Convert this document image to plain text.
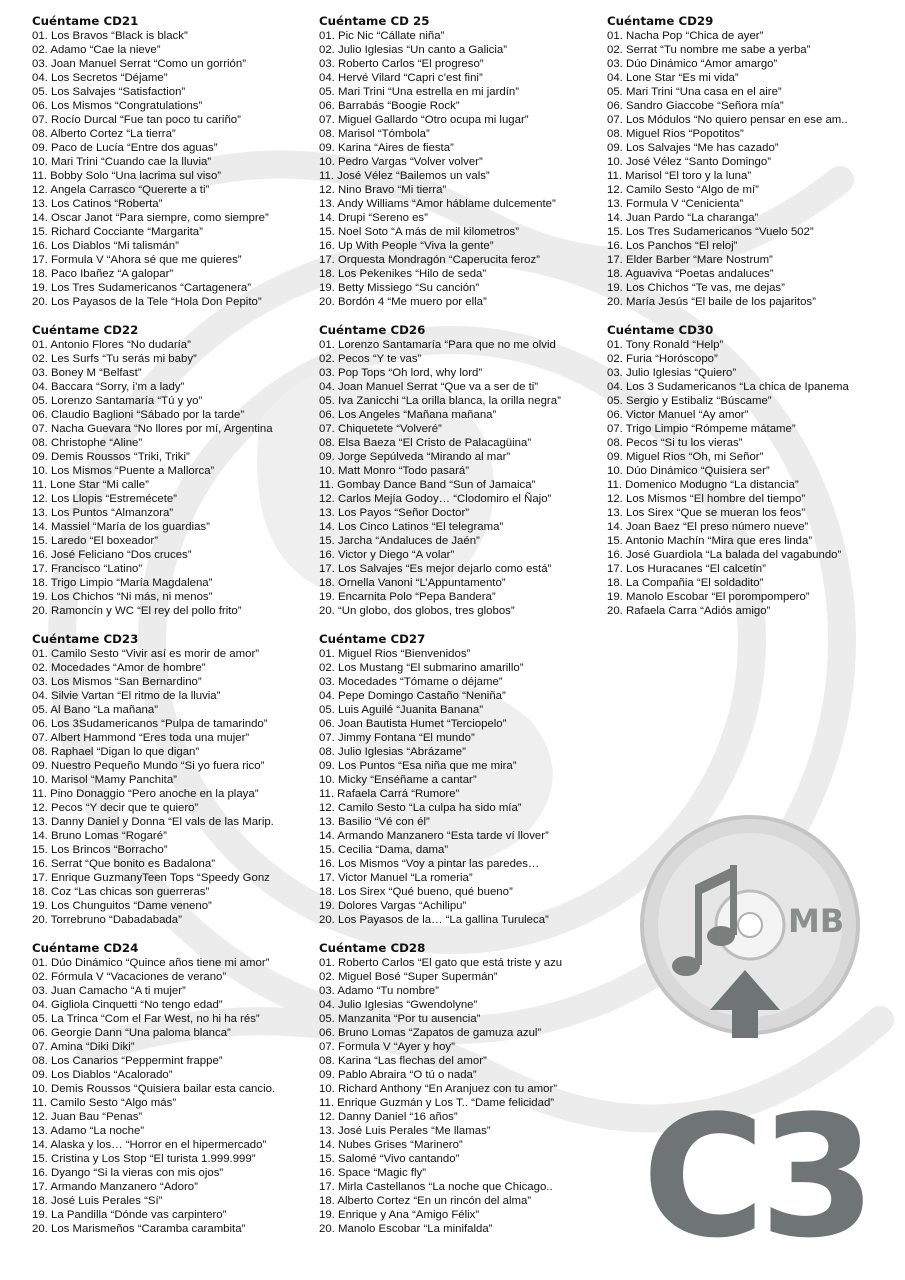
Cuéntame CD21
01. Los Bravos “Black is black”
02. Adamo “Cae la nieve”
03. Joan Manuel Serrat “Como un gorrión”
04. Los Secretos “Déjame”
05. Los Salvajes “Satisfaction”
06. Los Mismos “Congratulations”
07. Rocío Durcal “Fue tan poco tu cariño”
08. Alberto Cortez “La tierra”
09. Paco de Lucía “Entre dos aguas”
10. Mari Trini “Cuando cae la lluvia”
11. Bobby Solo “Una lacrima sul viso”
12. Angela Carrasco “Quererte a ti”
13. Los Catinos “Roberta”
14. Oscar Janot “Para siempre, como siempre”
15. Richard Cocciante “Margarita”
16. Los Diablos “Mi talismán”
17. Formula V “Ahora sé que me quieres”
18. Paco Ibañez “A galopar”
19. Los Tres Sudamericanos “Cartagenera”
20. Los Payasos de la Tele “Hola Don Pepito”
Cuéntame CD22
01. Antonio Flores “No dudaría”
02. Les Surfs “Tu serás mi baby”
03. Boney M “Belfast”
04. Baccara “Sorry, i’m a lady”
05. Lorenzo Santamaría “Tú y yo”
06. Claudio Baglioni “Sábado por la tarde”
07. Nacha Guevara “No llores por mí, Argentina
08. Christophe “Aline”
09. Demis Roussos “Triki, Triki”
10. Los Mismos “Puente a Mallorca”
11. Lone Star “Mi calle”
12. Los Llopis “Estremécete”
13. Los Puntos “Almanzora”
14. Massiel “María de los guardias”
15. Laredo “El boxeador”
16. José Feliciano “Dos cruces”
17. Francisco “Latino”
18. Trigo Limpio “María Magdalena”
19. Los Chichos “Ni más, ni menos”
20. Ramoncín y WC “El rey del pollo frito”
Cuéntame CD23
01. Camilo Sesto “Vivir así es morir de amor”
02. Mocedades “Amor de hombre”
03. Los Mismos “San Bernardino”
04. Silvie Vartan “El ritmo de la lluvia”
05. Al Bano “La mañana”
06. Los 3Sudamericanos “Pulpa de tamarindo”
07. Albert Hammond “Eres toda una mujer”
08. Raphael “Digan lo que digan”
09. Nuestro Pequeño Mundo “Si yo fuera rico”
10. Marisol “Mamy Panchita”
11. Pino Donaggio “Pero anoche en la playa”
12. Pecos “Y decir que te quiero”
13. Danny Daniel y Donna “El vals de las Marip.
14. Bruno Lomas “Rogaré”
15. Los Brincos “Borracho”
16. Serrat “Que bonito es Badalona”
17. Enrique GuzmanyTeen Tops “Speedy Gonz
18. Coz “Las chicas son guerreras”
19. Los Chunguitos “Dame veneno”
20. Torrebruno “Dabadabada”
Cuéntame CD24
01. Dúo Dinámico “Quince años tiene mi amor”
02. Fórmula V “Vacaciones de verano”
03. Juan Camacho “A ti mujer”
04. Gigliola Cinquetti “No tengo edad”
05. La Trinca “Com el Far West, no hi ha rés”
06. Georgie Dann “Una paloma blanca”
07. Amina “Diki Diki”
08. Los Canarios “Peppermint frappe”
09. Los Diablos “Acalorado”
10. Demis Roussos “Quisiera bailar esta cancio.
11. Camilo Sesto “Algo más”
12. Juan Bau “Penas”
13. Adamo “La noche”
14. Alaska y los… “Horror en el hipermercado”
15. Cristina y Los Stop “El turista 1.999.999”
16. Dyango “Si la vieras con mis ojos”
17. Armando Manzanero “Adoro”
18. José Luis Perales “Sí”
19. La Pandilla “Dónde vas carpintero”
20. Los Marismeños “Caramba carambita”
Cuéntame CD 25
01. Pic Nic “Cállate niña”
02. Julio Iglesias “Un canto a Galicia”
03. Roberto Carlos “El progreso”
04. Hervé Vilard “Capri c’est fini”
05. Mari Trini “Una estrella en mi jardín”
06. Barrabás “Boogie Rock”
07. Miguel Gallardo “Otro ocupa mi lugar”
08. Marisol “Tómbola”
09. Karina “Aires de fiesta”
10. Pedro Vargas “Volver volver”
11. José Vélez “Bailemos un vals”
12. Nino Bravo “Mi tierra”
13. Andy Williams “Amor háblame dulcemente”
14. Drupi “Sereno es”
15. Noel Soto “A más de mil kilometros”
16. Up With People “Viva la gente”
17. Orquesta Mondragón “Caperucita feroz”
18. Los Pekenikes “Hilo de seda”
19. Betty Missiego “Su canción”
20. Bordón 4 “Me muero por ella”
Cuéntame CD26
01. Lorenzo Santamaría “Para que no me olvid
02. Pecos “Y te vas”
03. Pop Tops “Oh lord, why lord”
04. Joan Manuel Serrat “Que va a ser de ti”
05. Iva Zanicchi “La orilla blanca, la orilla negra”
06. Los Angeles “Mañana mañana”
07. Chiquetete “Volveré”
08. Elsa Baeza “El Cristo de Palacagüina”
09. Jorge Sepúlveda “Mirando al mar”
10. Matt Monro “Todo pasará”
11. Gombay Dance Band “Sun of Jamaica”
12. Carlos Mejía Godoy… “Clodomiro el Ñajo”
13. Los Payos “Señor Doctor”
14. Los Cinco Latinos “El telegrama”
15. Jarcha “Andaluces de Jaén”
16. Victor y Diego “A volar”
17. Los Salvajes “Es mejor dejarlo como está”
18. Ornella Vanoni “L’Appuntamento”
19. Encarnita Polo “Pepa Bandera”
20. “Un globo, dos globos, tres globos”
Cuéntame CD27
01. Miguel Rios “Bienvenidos”
02. Los Mustang “El submarino amarillo”
03. Mocedades “Tómame o déjame”
04. Pepe Domingo Castaño “Neniña”
05. Luis Aguilé “Juanita Banana”
06. Joan Bautista Humet “Terciopelo”
07. Jimmy Fontana “El mundo”
08. Julio Iglesias “Abrázame”
09. Los Puntos “Esa niña que me mira”
10. Micky “Enséñame a cantar”
11. Rafaela Carrá “Rumore”
12. Camilo Sesto “La culpa ha sido mía”
13. Basilio “Vé con él”
14. Armando Manzanero “Esta tarde ví llover”
15. Cecilia “Dama, dama”
16. Los Mismos “Voy a pintar las paredes…
17. Victor Manuel “La romeria”
18. Los Sirex “Qué bueno, qué bueno”
19. Dolores Vargas “Achilipu”
20. Los Payasos de la… “La gallina Turuleca”
Cuéntame CD28
01. Roberto Carlos “El gato que está triste y azu
02. Miguel Bosé “Super Supermán”
03. Adamo “Tu nombre”
04. Julio Iglesias “Gwendolyne”
05. Manzanita “Por tu ausencia”
06. Bruno Lomas “Zapatos de gamuza azul”
07. Formula V “Ayer y hoy”
08. Karina “Las flechas del amor”
09. Pablo Abraira “O tú o nada”
10. Richard Anthony “En Aranjuez con tu amor”
11. Enrique Guzmán y Los T.. “Dame felicidad”
12. Danny Daniel “16 años”
13. José Luis Perales “Me llamas”
14. Nubes Grises “Marinero”
15. Salomé “Vivo cantando”
16. Space “Magic fly”
17. Mirla Castellanos “La noche que Chicago..
18. Alberto Cortez “En un rincón del alma”
19. Enrique y Ana “Amigo Félix”
20. Manolo Escobar “La minifalda”
Cuéntame CD29
01. Nacha Pop “Chica de ayer”
02. Serrat “Tu nombre me sabe a yerba”
03. Dúo Dinámico “Amor amargo”
04. Lone Star “Es mi vida”
05. Mari Trini “Una casa en el aire”
06. Sandro Giaccobe “Señora mía”
07. Los Módulos “No quiero pensar en ese am..
08. Miguel Rios “Popotitos”
09. Los Salvajes “Me has cazado”
10. José Vélez “Santo Domingo”
11. Marisol “El toro y la luna”
12. Camilo Sesto “Algo de mí”
13. Formula V “Cenicienta”
14. Juan Pardo “La charanga”
15. Los Tres Sudamericanos “Vuelo 502”
16. Los Panchos “El reloj”
17. Elder Barber “Mare Nostrum”
18. Aguaviva “Poetas andaluces”
19. Los Chichos “Te vas, me dejas”
20. María Jesús “El baile de los pajaritos”
Cuéntame CD30
01. Tony Ronald “Help”
02. Furia “Horóscopo”
03. Julio Iglesias “Quiero”
04. Los 3 Sudamericanos “La chica de Ipanema
05. Sergio y Estibaliz “Búscame”
06. Victor Manuel “Ay amor”
07. Trigo Limpio “Rómpeme mátame”
08. Pecos “Si tu los vieras”
09. Miguel Rios “Oh, mi Señor”
10. Dúo Dinámico “Quisiera ser”
11. Domenico Modugno “La distancia”
12. Los Mismos “El hombre del tiempo”
13. Los Sirex “Que se mueran los feos”
14. Joan Baez “El preso número nueve”
15. Antonio Machín “Mira que eres linda”
16. José Guardiola “La balada del vagabundo”
17. Los Huracanes “El calcetín”
18. La Compañia “El soldadito”
19. Manolo Escobar “El porompompero”
20. Rafaela Carra “Adiós amigo”
MB
C3
